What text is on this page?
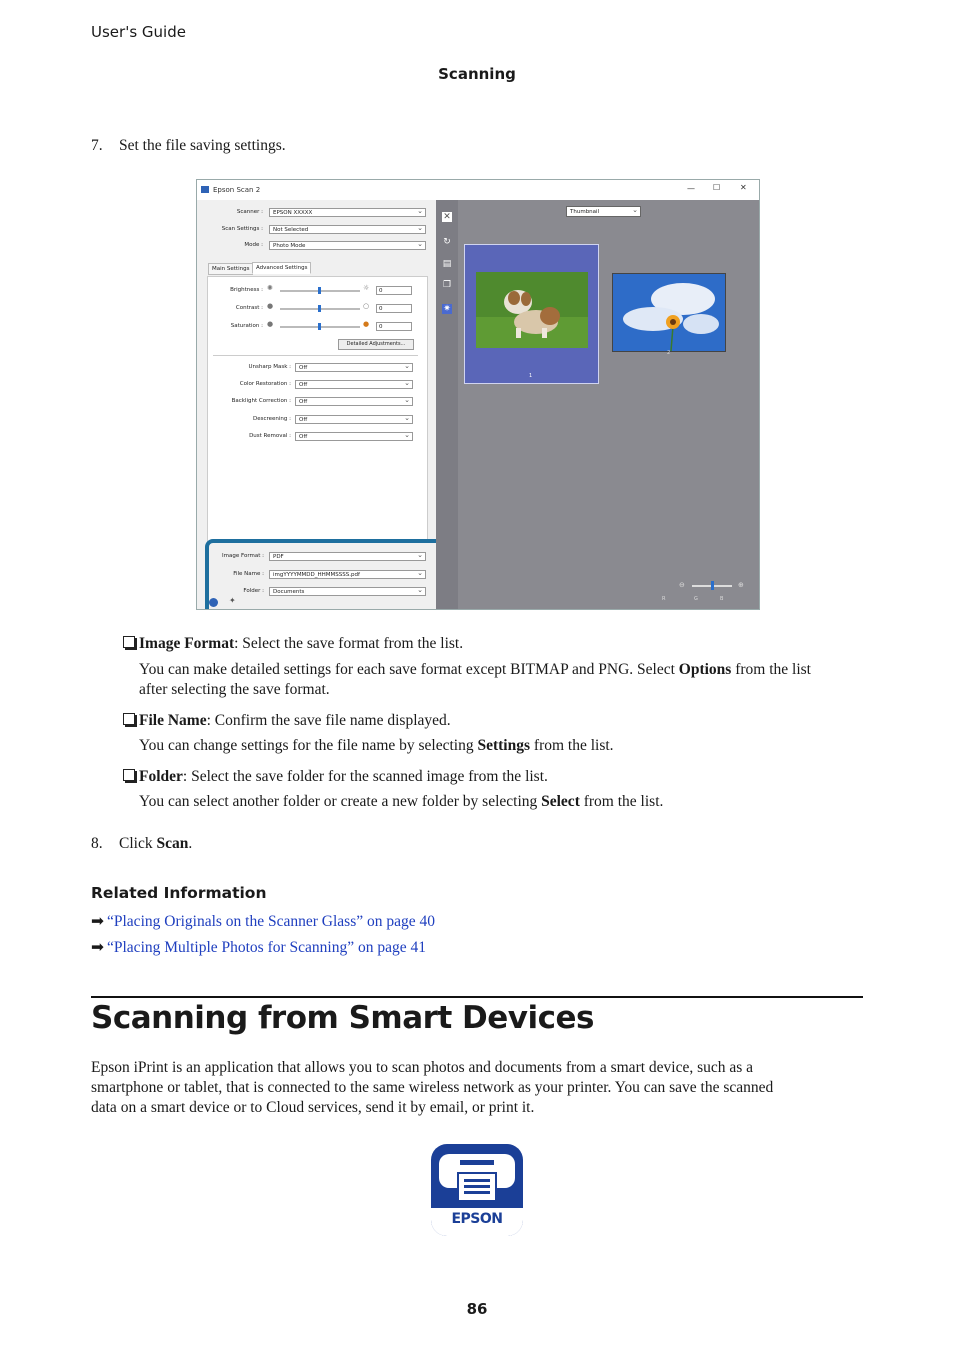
User's Guide
Scanning
7. Set the file saving settings.
Epson Scan 2	— ☐ ✕
Scanner :	EPSON XXXXX ⌄
Scan Settings :	Not Selected ⌄
Mode :	Photo Mode ⌄
Main Settings	Advanced Settings
Brightness : ✺	☼	0
Contrast : ●	○	0
Saturation : ●	●	0
Detailed Adjustments...
Unsharp Mask :	Off ⌄
Color Restoration :	Off ⌄
Backlight Correction :	Off ⌄
Descreening :	Off ⌄
Dust Removal :	Off ⌄
Image Format :	PDF ⌄
File Name :	imgYYYYMMDD_HHMMSSSS.pdf ⌄
Folder :	Documents ⌄
✦
✕
↻
▤
❐
✷
Thumbnail ⌄
1
2
⊖	⊕
R	G	B
Image Format: Select the save format from the list.
You can make detailed settings for each save format except BITMAP and PNG. Select Options from the list
after selecting the save format.
File Name: Confirm the save file name displayed.
You can change settings for the file name by selecting Settings from the list.
Folder: Select the save folder for the scanned image from the list.
You can select another folder or create a new folder by selecting Select from the list.
8. Click Scan.
Related Information
➡ “Placing Originals on the Scanner Glass” on page 40
➡ “Placing Multiple Photos for Scanning” on page 41
Scanning from Smart Devices
Epson iPrint is an application that allows you to scan photos and documents from a smart device, such as a
smartphone or tablet, that is connected to the same wireless network as your printer. You can save the scanned
data on a smart device or to Cloud services, send it by email, or print it.
EPSON
86
